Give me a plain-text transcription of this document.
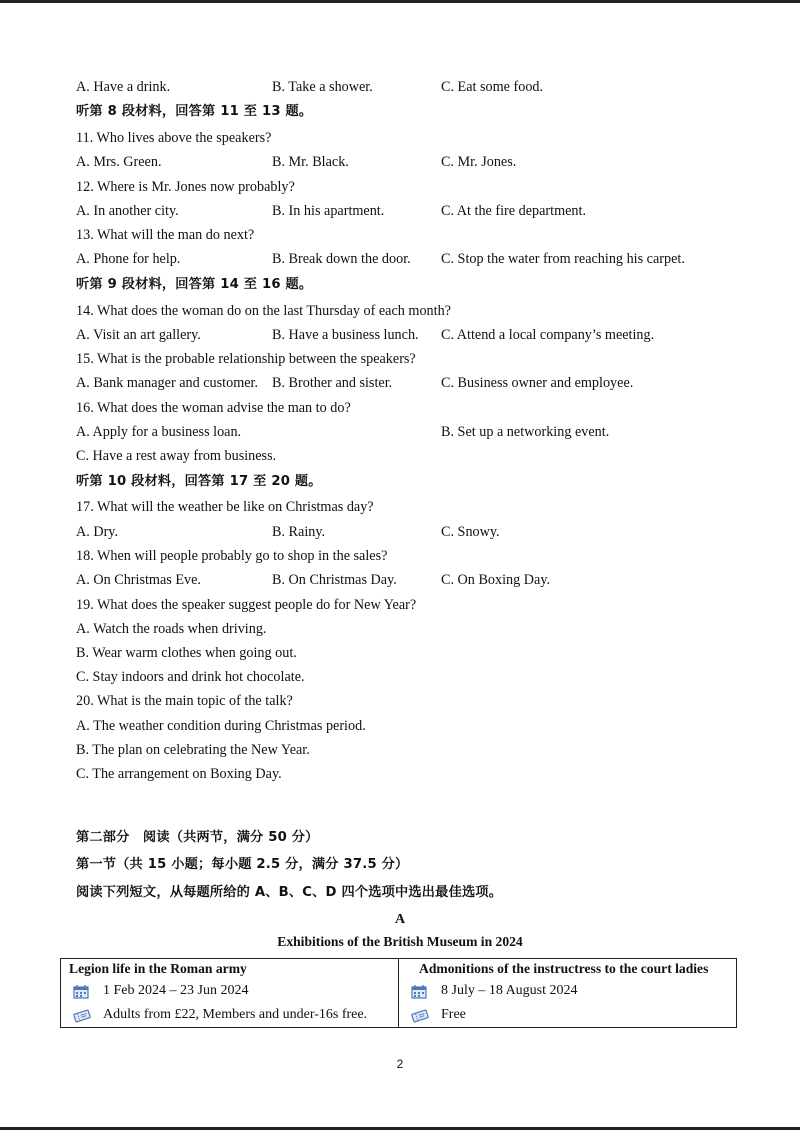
A. Have a drink.	B. Take a shower.	C. Eat some food.
听第 8 段材料，回答第 11 至 13 题。
11. Who lives above the speakers?
A. Mrs. Green.	B. Mr. Black.	C. Mr. Jones.
12. Where is Mr. Jones now probably?
A. In another city.	B. In his apartment.	C. At the fire department.
13. What will the man do next?
A. Phone for help.	B. Break down the door. C. Stop the water from reaching his carpet.
听第 9 段材料，回答第 14 至 16 题。
14. What does the woman do on the last Thursday of each month?
A. Visit an art gallery.	B. Have a business lunch. C. Attend a local company’s meeting.
15. What is the probable relationship between the speakers?
A. Bank manager and customer. B. Brother and sister.	C. Business owner and employee.
16. What does the woman advise the man to do?
A. Apply for a business loan.	B. Set up a networking event.
C. Have a rest away from business.
听第 10 段材料，回答第 17 至 20 题。
17. What will the weather be like on Christmas day?
A. Dry.	B. Rainy.	C. Snowy.
18. When will people probably go to shop in the sales?
A. On Christmas Eve.	B. On Christmas Day.	C. On Boxing Day.
19. What does the speaker suggest people do for New Year?
A. Watch the roads when driving.
B. Wear warm clothes when going out.
C. Stay indoors and drink hot chocolate.
20. What is the main topic of the talk?
A. The weather condition during Christmas period.
B. The plan on celebrating the New Year.
C. The arrangement on Boxing Day.
第二部分　阅读（共两节，满分 50 分）
第一节（共 15 小题；每小题 2.5 分，满分 37.5 分）
阅读下列短文，从每题所给的 A、B、C、D 四个选项中选出最佳选项。
A
Exhibitions of the British Museum in 2024
Legion life in the Roman army
1 Feb 2024 – 23 Jun 2024
Adults from £22, Members and under-16s free.

Admonitions of the instructress to the court ladies
8 July – 18 August 2024
Free
2
